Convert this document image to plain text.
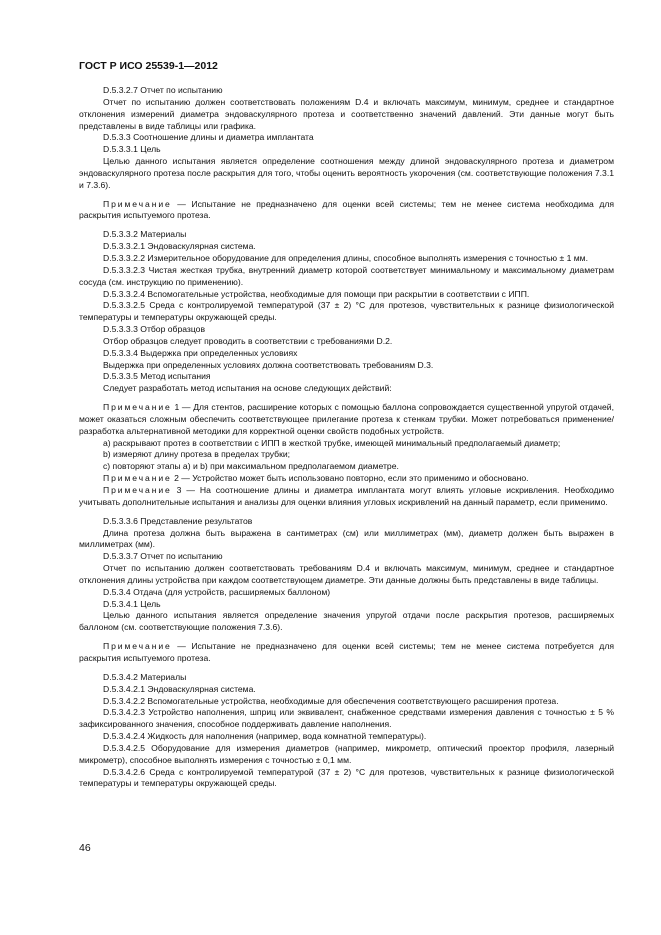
ГОСТ Р ИСО 25539-1—2012

D.5.3.2.7 Отчет по испытанию

Отчет по испытанию должен соответствовать положениям D.4 и включать максимум, минимум, среднее и стандартное отклонения измерений диаметра эндоваскулярного протеза и соответственно значений давлений. Эти данные могут быть представлены в виде таблицы или графика.

D.5.3.3 Соотношение длины и диаметра имплантата

D.5.3.3.1 Цель

Целью данного испытания является определение соотношения между длиной эндоваскулярного протеза и диаметром эндоваскулярного протеза после раскрытия для того, чтобы оценить вероятность укорочения (см. соответствующие положения 7.3.1 и 7.3.6).

Примечание — Испытание не предназначено для оценки всей системы; тем не менее система необходима для раскрытия испытуемого протеза.

D.5.3.3.2 Материалы

D.5.3.3.2.1 Эндоваскулярная система.

D.5.3.3.2.2 Измерительное оборудование для определения длины, способное выполнять измерения с точностью ± 1 мм.

D.5.3.3.2.3 Чистая жесткая трубка, внутренний диаметр которой соответствует минимальному и максимальному диаметрам сосуда (см. инструкцию по применению).

D.5.3.3.2.4 Вспомогательные устройства, необходимые для помощи при раскрытии в соответствии с ИПП.

D.5.3.3.2.5 Среда с контролируемой температурой (37 ± 2) °С для протезов, чувствительных к разнице физиологической температуры и температуры окружающей среды.

D.5.3.3.3 Отбор образцов

Отбор образцов следует проводить в соответствии с требованиями D.2.

D.5.3.3.4 Выдержка при определенных условиях

Выдержка при определенных условиях должна соответствовать требованиям D.3.

D.5.3.3.5 Метод испытания

Следует разработать метод испытания на основе следующих действий:

Примечание 1 — Для стентов, расширение которых с помощью баллона сопровождается существенной упругой отдачей, может оказаться сложным обеспечить соответствующее прилегание протеза к стенкам трубки. Может потребоваться применение/разработка альтернативной методики для корректной оценки свойств подобных устройств.

a) раскрывают протез в соответствии с ИПП в жесткой трубке, имеющей минимальный предполагаемый диаметр;

b) измеряют длину протеза в пределах трубки;

c) повторяют этапы a) и b) при максимальном предполагаемом диаметре.

Примечание 2 — Устройство может быть использовано повторно, если это применимо и обосновано.

Примечание 3 — На соотношение длины и диаметра имплантата могут влиять угловые искривления. Необходимо учитывать дополнительные испытания и анализы для оценки влияния угловых искривлений на данный параметр, если применимо.

D.5.3.3.6 Представление результатов

Длина протеза должна быть выражена в сантиметрах (см) или миллиметрах (мм), диаметр должен быть выражен в миллиметрах (мм).

D.5.3.3.7 Отчет по испытанию

Отчет по испытанию должен соответствовать требованиям D.4 и включать максимум, минимум, среднее и стандартное отклонения длины устройства при каждом соответствующем диаметре. Эти данные должны быть представлены в виде таблицы.

D.5.3.4 Отдача (для устройств, расширяемых баллоном)

D.5.3.4.1 Цель

Целью данного испытания является определение значения упругой отдачи после раскрытия протезов, расширяемых баллоном (см. соответствующие положения 7.3.6).

Примечание — Испытание не предназначено для оценки всей системы; тем не менее система потребуется для раскрытия испытуемого протеза.

D.5.3.4.2 Материалы

D.5.3.4.2.1 Эндоваскулярная система.

D.5.3.4.2.2 Вспомогательные устройства, необходимые для обеспечения соответствующего расширения протеза.

D.5.3.4.2.3 Устройство наполнения, шприц или эквивалент, снабженное средствами измерения давления с точностью ± 5 % зафиксированного значения, способное поддерживать давление наполнения.

D.5.3.4.2.4 Жидкость для наполнения (например, вода комнатной температуры).

D.5.3.4.2.5 Оборудование для измерения диаметров (например, микрометр, оптический проектор профиля, лазерный микрометр), способное выполнять измерения с точностью ± 0,1 мм.

D.5.3.4.2.6 Среда с контролируемой температурой (37 ± 2) °С для протезов, чувствительных к разнице физиологической температуры и температуры окружающей среды.

46
